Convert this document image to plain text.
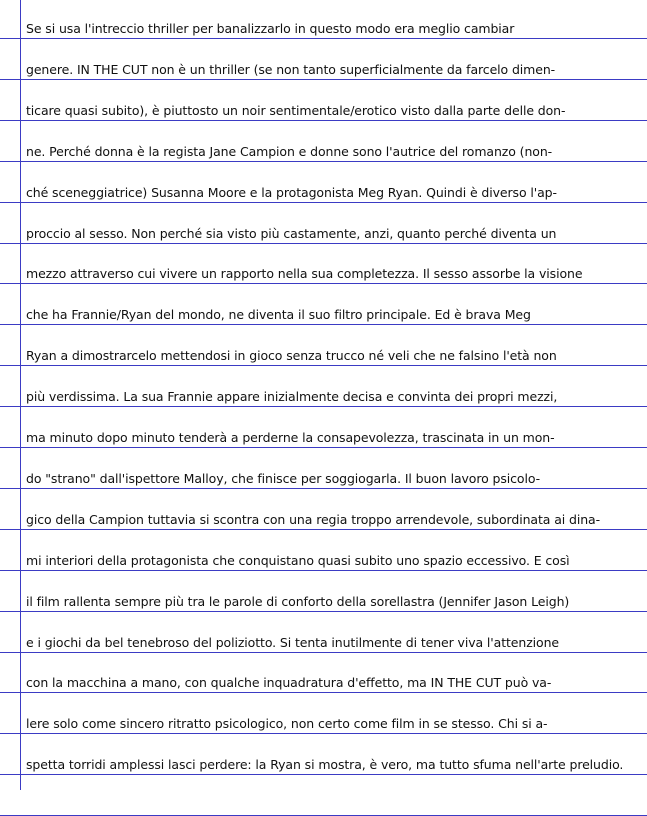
Se si usa l'intreccio thriller per banalizzarlo in questo modo era meglio cambiar
genere. IN THE CUT non è un thriller (se non tanto superficialmente da farcelo dimen-
ticare quasi subito), è piuttosto un noir sentimentale/erotico visto dalla parte delle don-
ne. Perché donna è la regista Jane Campion e donne sono l'autrice del romanzo (non-
ché sceneggiatrice) Susanna Moore e la protagonista Meg Ryan. Quindi è diverso l'ap-
proccio al sesso. Non perché sia visto più castamente, anzi, quanto perché diventa un
mezzo attraverso cui vivere un rapporto nella sua completezza. Il sesso assorbe la visione
che ha Frannie/Ryan del mondo, ne diventa il suo filtro principale. Ed è brava Meg
Ryan a dimostrarcelo mettendosi in gioco senza trucco né veli che ne falsino l'età non
più verdissima. La sua Frannie appare inizialmente decisa e convinta dei propri mezzi,
ma minuto dopo minuto tenderà a perderne la consapevolezza, trascinata in un mon-
do "strano" dall'ispettore Malloy, che finisce per soggiogarla. Il buon lavoro psicolo-
gico della Campion tuttavia si scontra con una regia troppo arrendevole, subordinata ai dina-
mi interiori della protagonista che conquistano quasi subito uno spazio eccessivo. E così
il film rallenta sempre più tra le parole di conforto della sorellastra (Jennifer Jason Leigh)
e i giochi da bel tenebroso del poliziotto. Si tenta inutilmente di tener viva l'attenzione
con la macchina a mano, con qualche inquadratura d'effetto, ma IN THE CUT può va-
lere solo come sincero ritratto psicologico, non certo come film in se stesso. Chi si a-
spetta torridi amplessi lasci perdere: la Ryan si mostra, è vero, ma tutto sfuma nell'arte preludio.
